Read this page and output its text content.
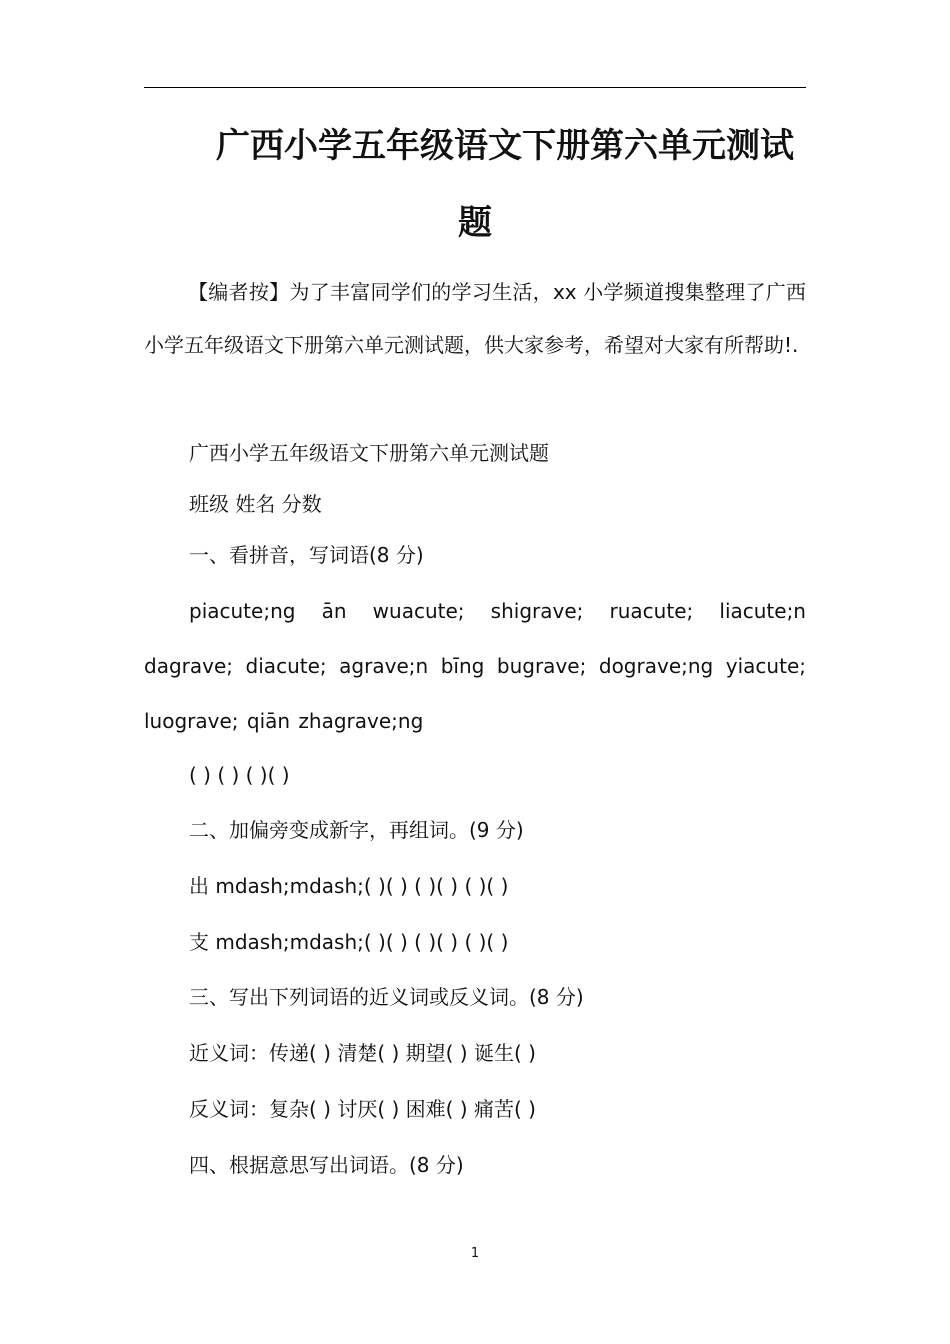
广西小学五年级语文下册第六单元测试
题

【编者按】为了丰富同学们的学习生活，xx 小学频道搜集整理了广西小学五年级语文下册第六单元测试题，供大家参考，希望对大家有所帮助!.

广西小学五年级语文下册第六单元测试题

班级 姓名 分数

一、看拼音，写词语(8 分)

piacute;ng ān wuacute; shigrave; ruacute; liacute;n dagrave; diacute; agrave;n bīng bugrave; dograve;ng yiacute; luograve; qiān zhagrave;ng

( ) ( ) ( )( )

二、加偏旁变成新字，再组词。(9 分)

出 mdash;mdash;( )( ) ( )( ) ( )( )

支 mdash;mdash;( )( ) ( )( ) ( )( )

三、写出下列词语的近义词或反义词。(8 分)

近义词：传递( ) 清楚( ) 期望( ) 诞生( )

反义词：复杂( ) 讨厌( ) 困难( ) 痛苦( )

四、根据意思写出词语。(8 分)

1
